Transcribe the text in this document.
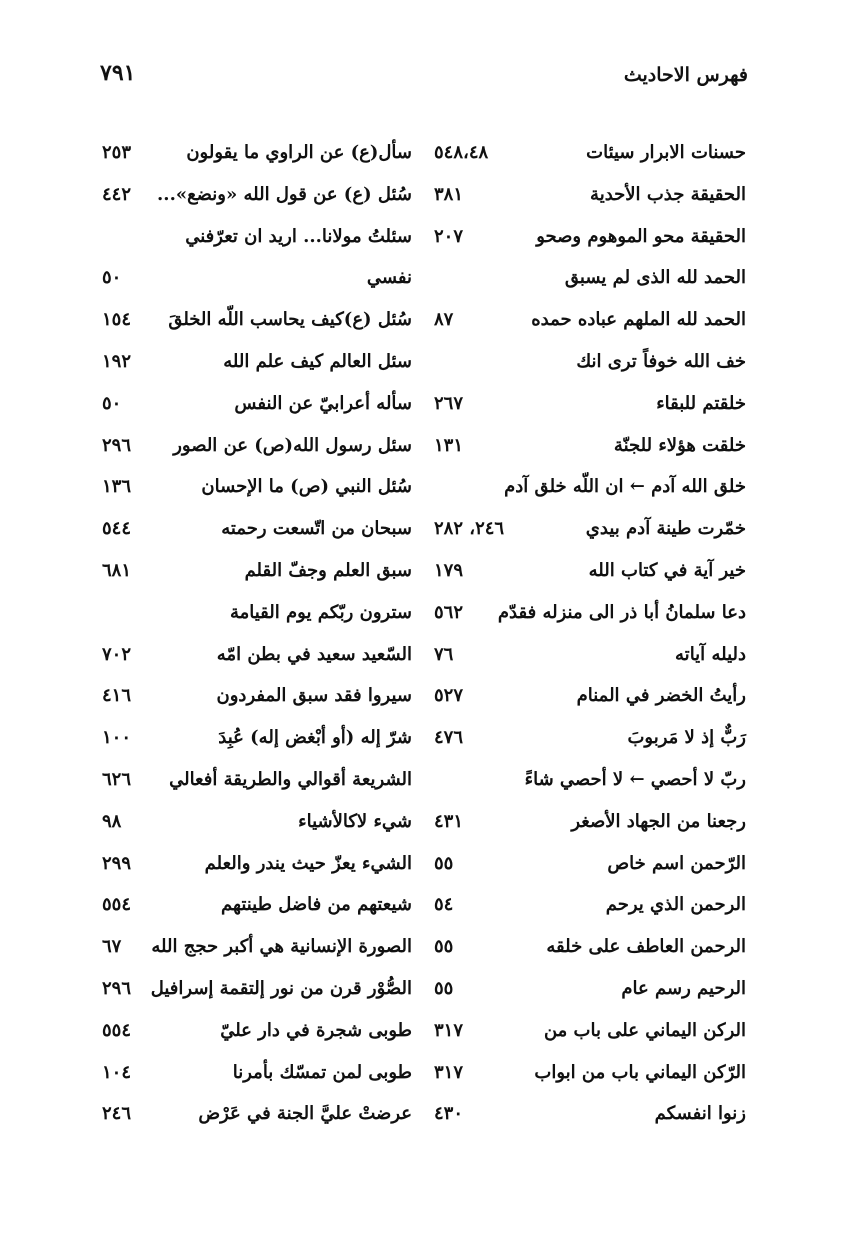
فهرس الاحاديث
٧٩١
حسنات الابرار سيئات
٥٤٨،٤٨
الحقيقة جذب الأحدية
٣٨١
الحقيقة محو الموهوم وصحو
٢٠٧
الحمد لله الذى لم يسبق
الحمد لله الملهم عباده حمده
٨٧
خف الله خوفاً ترى انك
خلقتم للبقاء
٢٦٧
خلقت هؤلاء للجنّة
١٣١
خلق الله آدم ← ان اللّه خلق آدم
خمّرت طينة آدم بيدي
٢٤٦، ٢٨٢
خير آية في كتاب الله
١٧٩
دعا سلمانُ أبا ذر الى منزله فقدّم
٥٦٢
دليله آياته
٧٦
رأيتُ الخضر في المنام
٥٢٧
رَبٌّ إذ لا مَربوبَ
٤٧٦
ربّ لا أحصي ← لا أحصي شاءً
رجعنا من الجهاد الأصغر
٤٣١
الرّحمن اسم خاص
٥٥
الرحمن الذي يرحم
٥٤
الرحمن العاطف على خلقه
٥٥
الرحيم رسم عام
٥٥
الركن اليماني على باب من
٣١٧
الرّكن اليماني باب من ابواب
٣١٧
زنوا انفسكم
٤٣٠
سأل(ع) عن الراوي ما يقولون
٢٥٣
سُئل (ع) عن قول الله «ونضع»...
٤٤٢
سئلتُ مولانا... اريد ان تعرّفني
نفسي
٥٠
سُئل (ع)كيف يحاسب اللّه الخلقَ
١٥٤
سئل العالم كيف علم الله
١٩٢
سأله أعرابيّ عن النفس
٥٠
سئل رسول الله(ص) عن الصور
٢٩٦
سُئل النبي (ص) ما الإحسان
١٣٦
سبحان من اتّسعت رحمته
٥٤٤
سبق العلم وجفّ القلم
٦٨١
سترون ربّكم يوم القيامة
السّعيد سعيد في بطن امّه
٧٠٢
سيروا فقد سبق المفردون
٤١٦
شرّ إله (أو أبْغض إله) عُبِدَ
١٠٠
الشريعة أقوالي والطريقة أفعالي
٦٢٦
شيء لاكالأشياء
٩٨
الشيء يعزّ حيث يندر والعلم
٢٩٩
شيعتهم من فاضل طينتهم
٥٥٤
الصورة الإنسانية هي أكبر حجج الله
٦٧
الصُّوْر قرن من نور إلتقمة إسرافيل
٢٩٦
طوبى شجرة في دار عليّ
٥٥٤
طوبى لمن تمسّك بأمرنا
١٠٤
عرضتْ عليَّ الجنة في عَرْض
٢٤٦
